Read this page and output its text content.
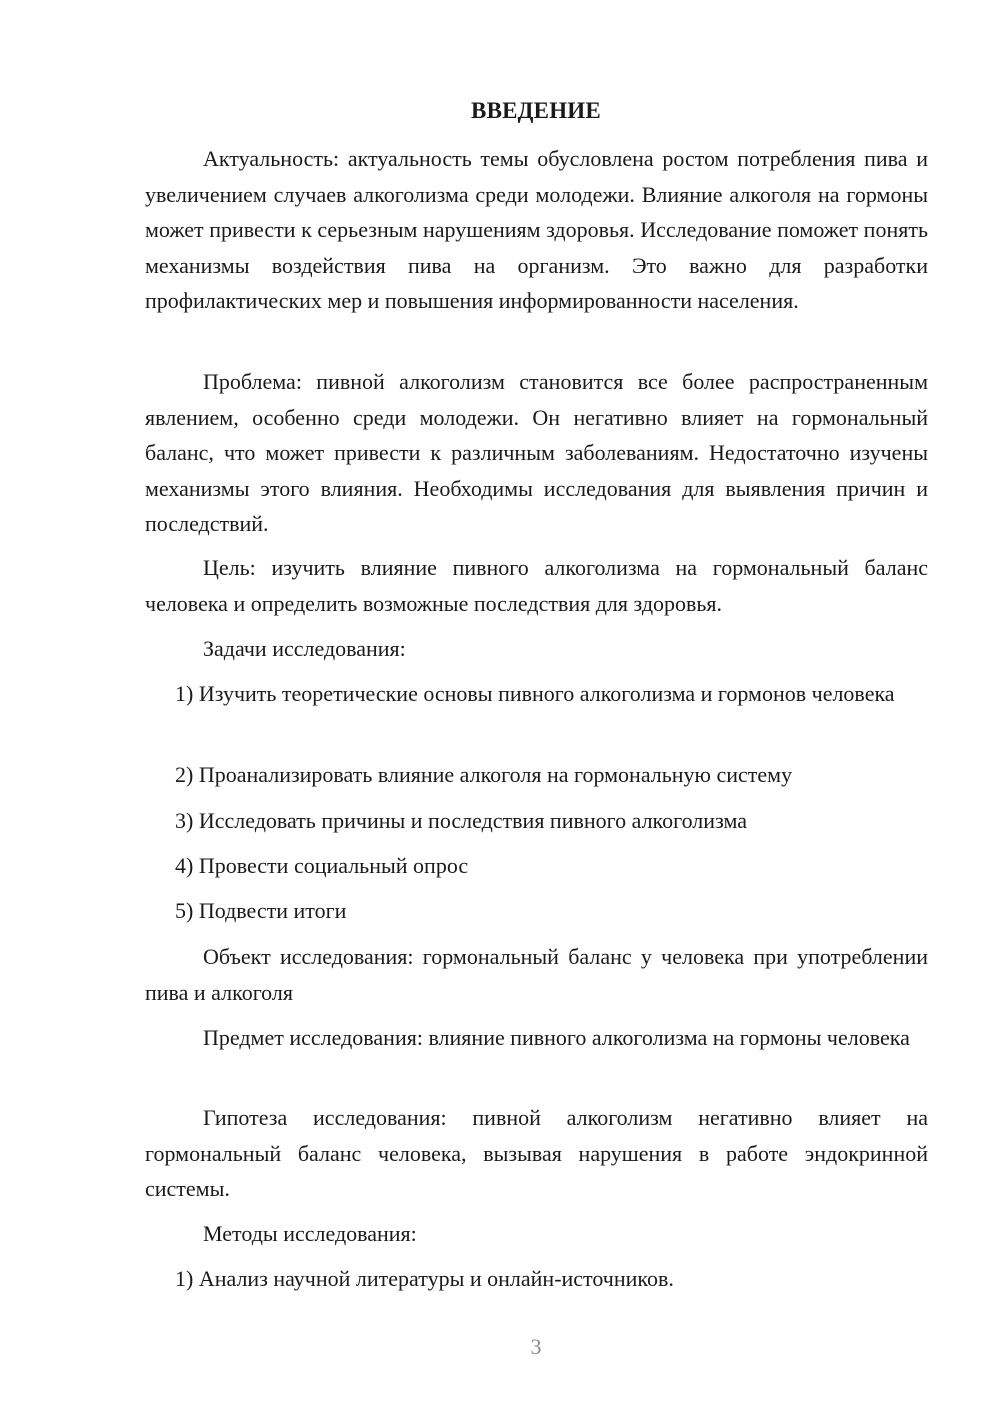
ВВЕДЕНИЕ

Актуальность: актуальность темы обусловлена ростом потребления пива и увеличением случаев алкоголизма среди молодежи. Влияние алкоголя на гормоны может привести к серьезным нарушениям здоровья. Исследование поможет понять механизмы воздействия пива на организм. Это важно для разработки профилактических мер и повышения информированности населения.

Проблема: пивной алкоголизм становится все более распространенным явлением, особенно среди молодежи. Он негативно влияет на гормональный баланс, что может привести к различным заболеваниям. Недостаточно изучены механизмы этого влияния. Необходимы исследования для выявления причин и последствий.

Цель: изучить влияние пивного алкоголизма на гормональный баланс человека и определить возможные последствия для здоровья.

Задачи исследования:

1) Изучить теоретические основы пивного алкоголизма и гормонов человека

2) Проанализировать влияние алкоголя на гормональную систему

3) Исследовать причины и последствия пивного алкоголизма

4) Провести социальный опрос

5) Подвести итоги

Объект исследования: гормональный баланс у человека при употреблении пива и алкоголя

Предмет исследования: влияние пивного алкоголизма на гормоны человека

Гипотеза исследования: пивной алкоголизм негативно влияет на гормональный баланс человека, вызывая нарушения в работе эндокринной системы.

Методы исследования:

1) Анализ научной литературы и онлайн-источников.

3
